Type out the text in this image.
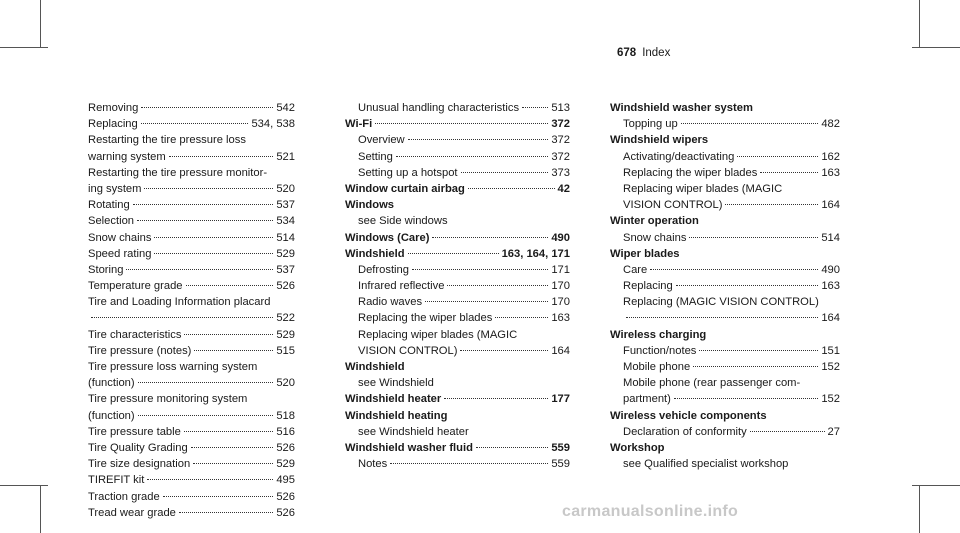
678 Index
Removing	542
Replacing	534, 538
Restarting the tire pressure loss
warning system	521
Restarting the tire pressure monitor-
ing system	520
Rotating	537
Selection	534
Snow chains	514
Speed rating	529
Storing	537
Temperature grade	526
Tire and Loading Information placard
522
Tire characteristics	529
Tire pressure (notes)	515
Tire pressure loss warning system
(function)	520
Tire pressure monitoring system
(function)	518
Tire pressure table	516
Tire Quality Grading	526
Tire size designation	529
TIREFIT kit	495
Traction grade	526
Tread wear grade	526
Unusual handling characteristics	513
Wi-Fi	372
Overview	372
Setting	372
Setting up a hotspot	373
Window curtain airbag	42
Windows
see Side windows
Windows (Care)	490
Windshield	163, 164, 171
Defrosting	171
Infrared reflective	170
Radio waves	170
Replacing the wiper blades	163
Replacing wiper blades (MAGIC
VISION CONTROL)	164
Windshield
see Windshield
Windshield heater	177
Windshield heating
see Windshield heater
Windshield washer fluid	559
Notes	559
Windshield washer system
Topping up	482
Windshield wipers
Activating/deactivating	162
Replacing the wiper blades	163
Replacing wiper blades (MAGIC
VISION CONTROL)	164
Winter operation
Snow chains	514
Wiper blades
Care	490
Replacing	163
Replacing (MAGIC VISION CONTROL)
164
Wireless charging
Function/notes	151
Mobile phone	152
Mobile phone (rear passenger com-
partment)	152
Wireless vehicle components
Declaration of conformity	27
Workshop
see Qualified specialist workshop
carmanualsonline.info
